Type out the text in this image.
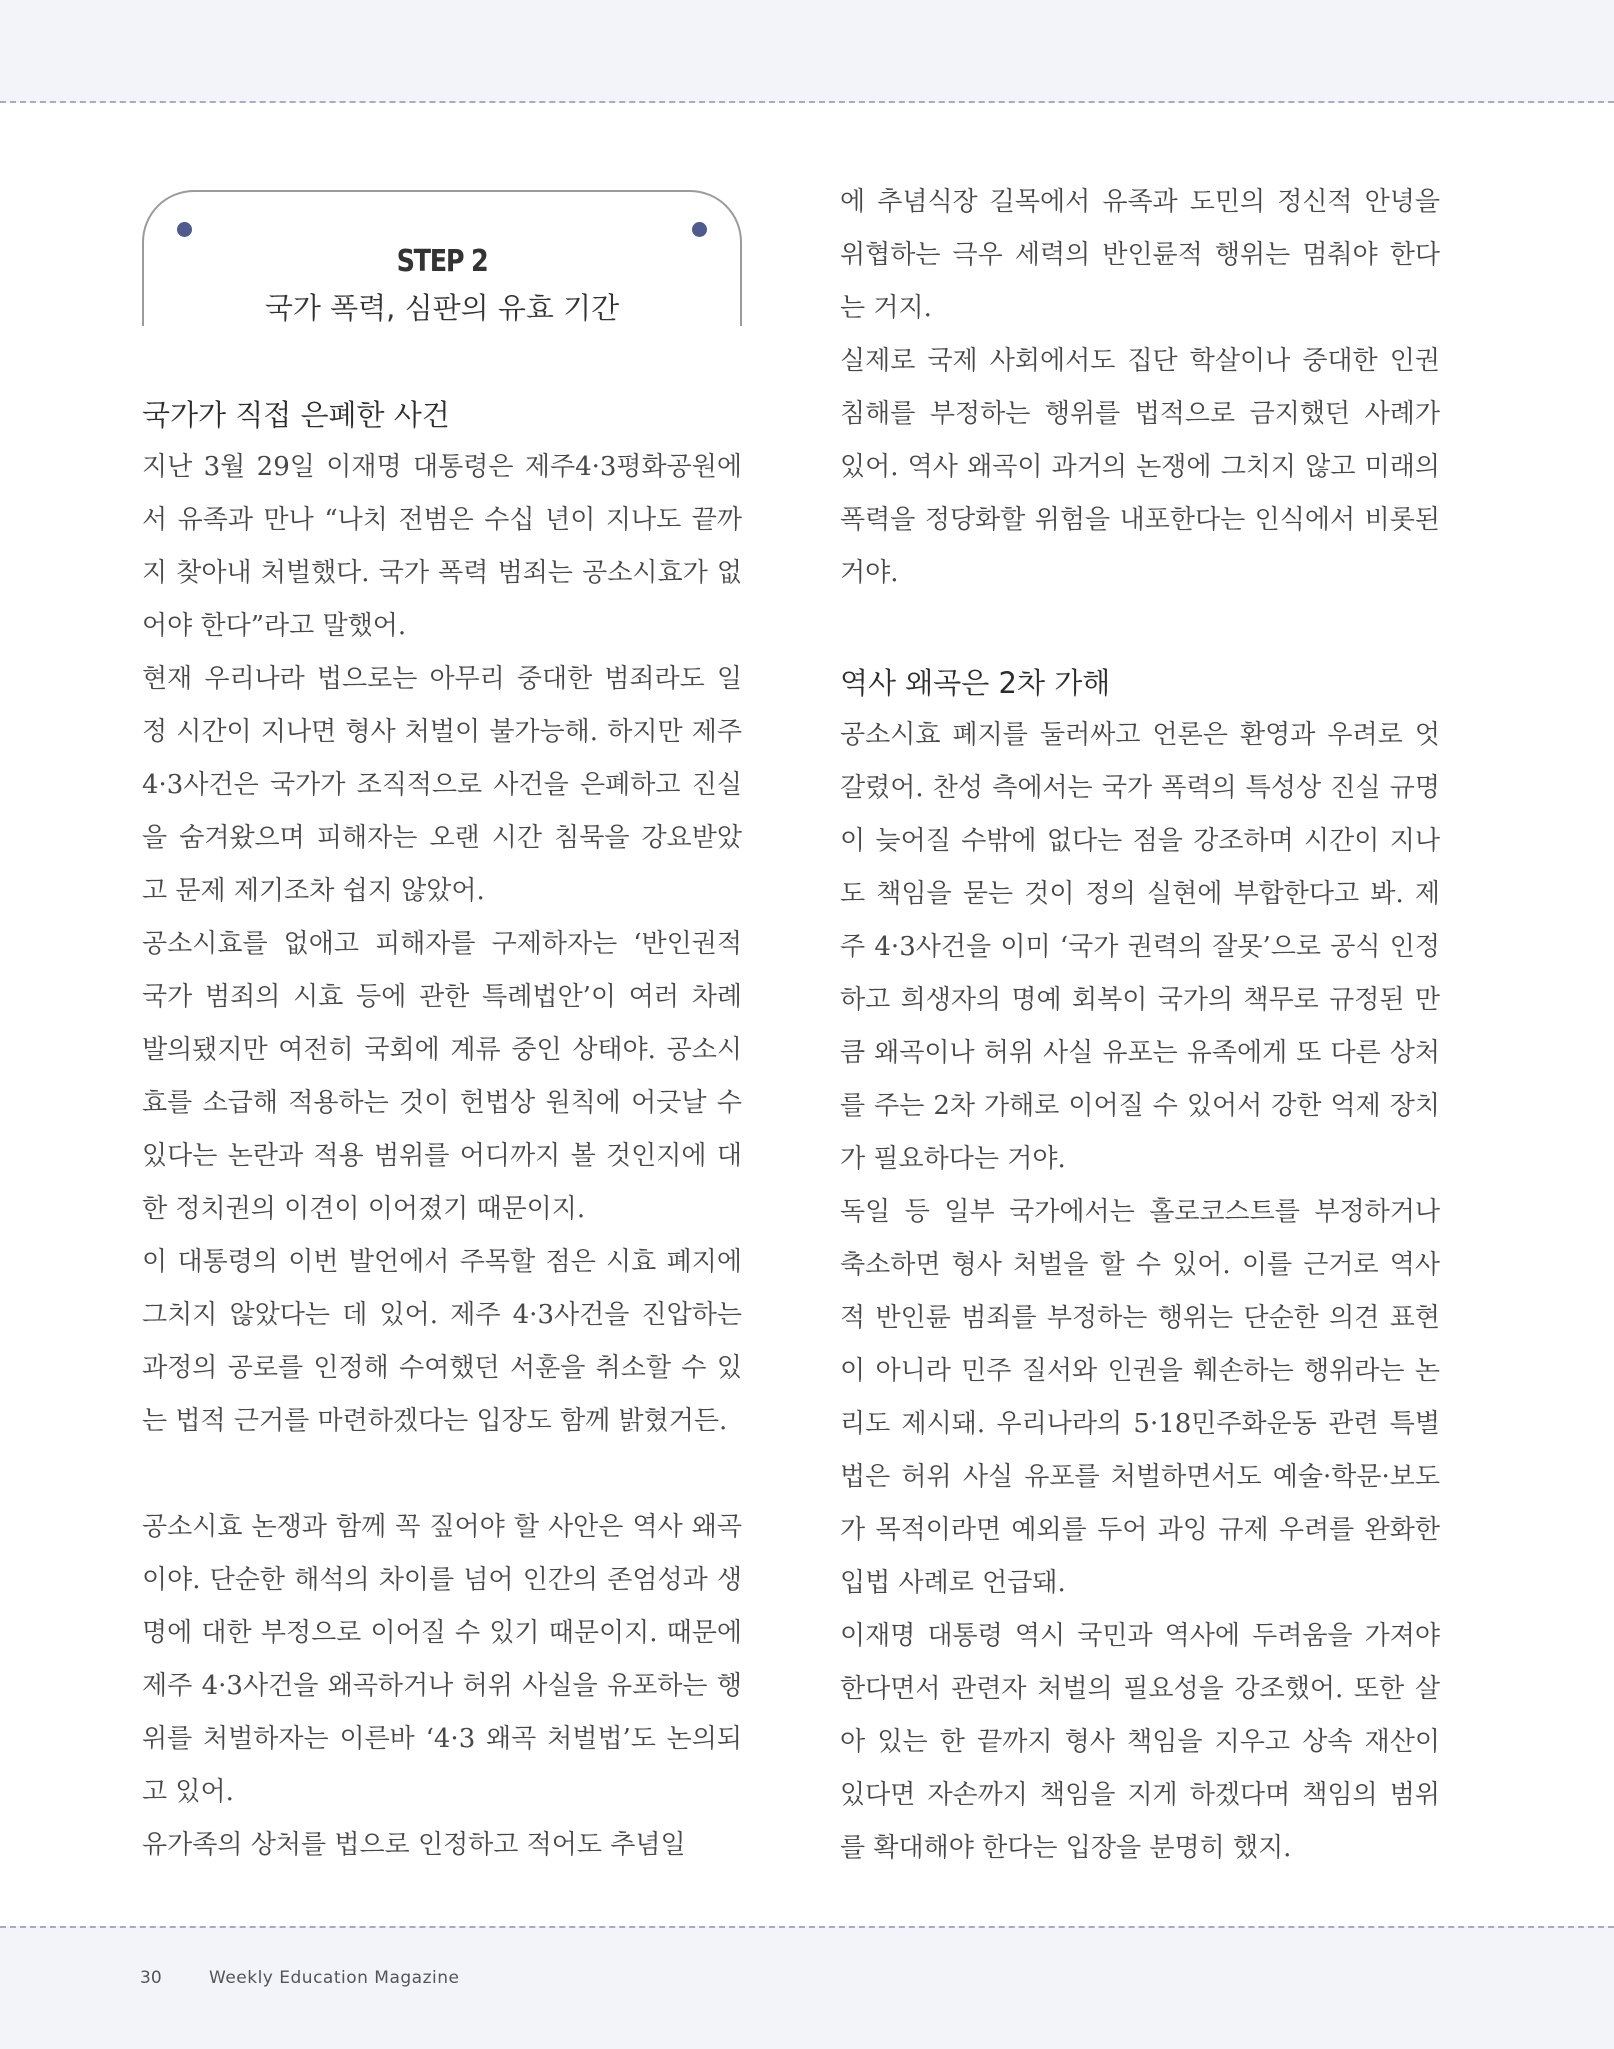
STEP 2
국가 폭력, 심판의 유효 기간
국가가 직접 은폐한 사건

지난 3월 29일 이재명 대통령은 제주4·3평화공원에서 유족과 만나 “나치 전범은 수십 년이 지나도 끝까지 찾아내 처벌했다. 국가 폭력 범죄는 공소시효가 없어야 한다”라고 말했어.

현재 우리나라 법으로는 아무리 중대한 범죄라도 일정 시간이 지나면 형사 처벌이 불가능해. 하지만 제주 4·3사건은 국가가 조직적으로 사건을 은폐하고 진실을 숨겨왔으며 피해자는 오랜 시간 침묵을 강요받았고 문제 제기조차 쉽지 않았어.

공소시효를 없애고 피해자를 구제하자는 ‘반인권적 국가 범죄의 시효 등에 관한 특례법안’이 여러 차례 발의됐지만 여전히 국회에 계류 중인 상태야. 공소시효를 소급해 적용하는 것이 헌법상 원칙에 어긋날 수 있다는 논란과 적용 범위를 어디까지 볼 것인지에 대한 정치권의 이견이 이어졌기 때문이지.

이 대통령의 이번 발언에서 주목할 점은 시효 폐지에 그치지 않았다는 데 있어. 제주 4·3사건을 진압하는 과정의 공로를 인정해 수여했던 서훈을 취소할 수 있는 법적 근거를 마련하겠다는 입장도 함께 밝혔거든.

공소시효 논쟁과 함께 꼭 짚어야 할 사안은 역사 왜곡이야. 단순한 해석의 차이를 넘어 인간의 존엄성과 생명에 대한 부정으로 이어질 수 있기 때문이지. 때문에 제주 4·3사건을 왜곡하거나 허위 사실을 유포하는 행위를 처벌하자는 이른바 ‘4·3 왜곡 처벌법’도 논의되고 있어.

유가족의 상처를 법으로 인정하고 적어도 추념일

에 추념식장 길목에서 유족과 도민의 정신적 안녕을 위협하는 극우 세력의 반인륜적 행위는 멈춰야 한다는 거지.

실제로 국제 사회에서도 집단 학살이나 중대한 인권 침해를 부정하는 행위를 법적으로 금지했던 사례가 있어. 역사 왜곡이 과거의 논쟁에 그치지 않고 미래의 폭력을 정당화할 위험을 내포한다는 인식에서 비롯된 거야.

역사 왜곡은 2차 가해

공소시효 폐지를 둘러싸고 언론은 환영과 우려로 엇갈렸어. 찬성 측에서는 국가 폭력의 특성상 진실 규명이 늦어질 수밖에 없다는 점을 강조하며 시간이 지나도 책임을 묻는 것이 정의 실현에 부합한다고 봐. 제주 4·3사건을 이미 ‘국가 권력의 잘못’으로 공식 인정하고 희생자의 명예 회복이 국가의 책무로 규정된 만큼 왜곡이나 허위 사실 유포는 유족에게 또 다른 상처를 주는 2차 가해로 이어질 수 있어서 강한 억제 장치가 필요하다는 거야.

독일 등 일부 국가에서는 홀로코스트를 부정하거나 축소하면 형사 처벌을 할 수 있어. 이를 근거로 역사적 반인륜 범죄를 부정하는 행위는 단순한 의견 표현이 아니라 민주 질서와 인권을 훼손하는 행위라는 논리도 제시돼. 우리나라의 5·18민주화운동 관련 특별법은 허위 사실 유포를 처벌하면서도 예술·학문·보도가 목적이라면 예외를 두어 과잉 규제 우려를 완화한 입법 사례로 언급돼.

이재명 대통령 역시 국민과 역사에 두려움을 가져야 한다면서 관련자 처벌의 필요성을 강조했어. 또한 살아 있는 한 끝까지 형사 책임을 지우고 상속 재산이 있다면 자손까지 책임을 지게 하겠다며 책임의 범위를 확대해야 한다는 입장을 분명히 했지.

30	Weekly Education Magazine
